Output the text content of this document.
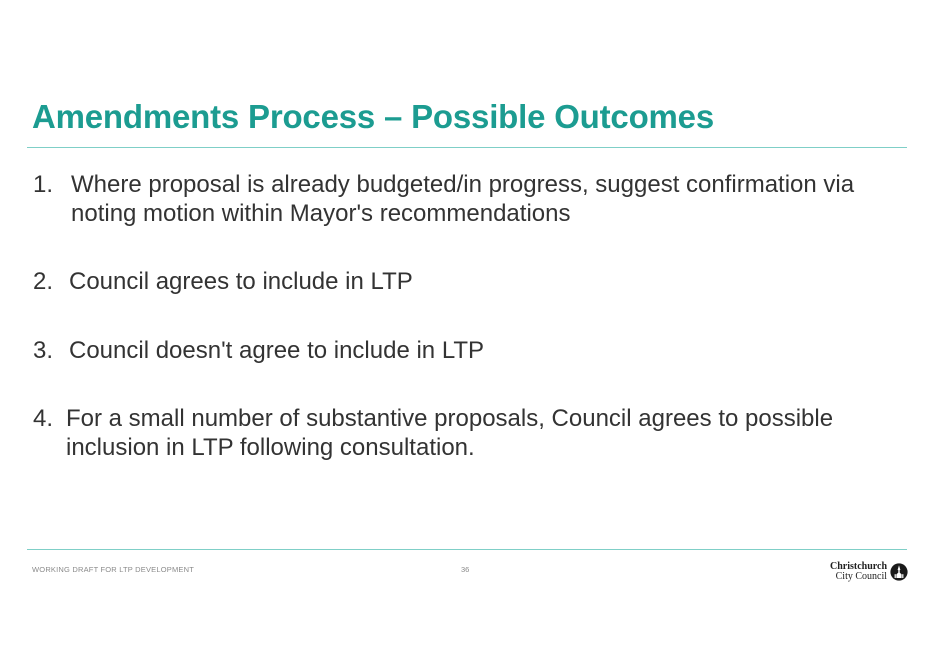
Amendments Process – Possible Outcomes
1. Where proposal is already budgeted/in progress, suggest confirmation via noting motion within Mayor's recommendations
2. Council agrees to include in LTP
3. Council doesn't agree to include in LTP
4. For a small number of substantive proposals, Council agrees to possible inclusion in LTP following consultation.
WORKING DRAFT FOR LTP DEVELOPMENT	36	Christchurch
City Council
